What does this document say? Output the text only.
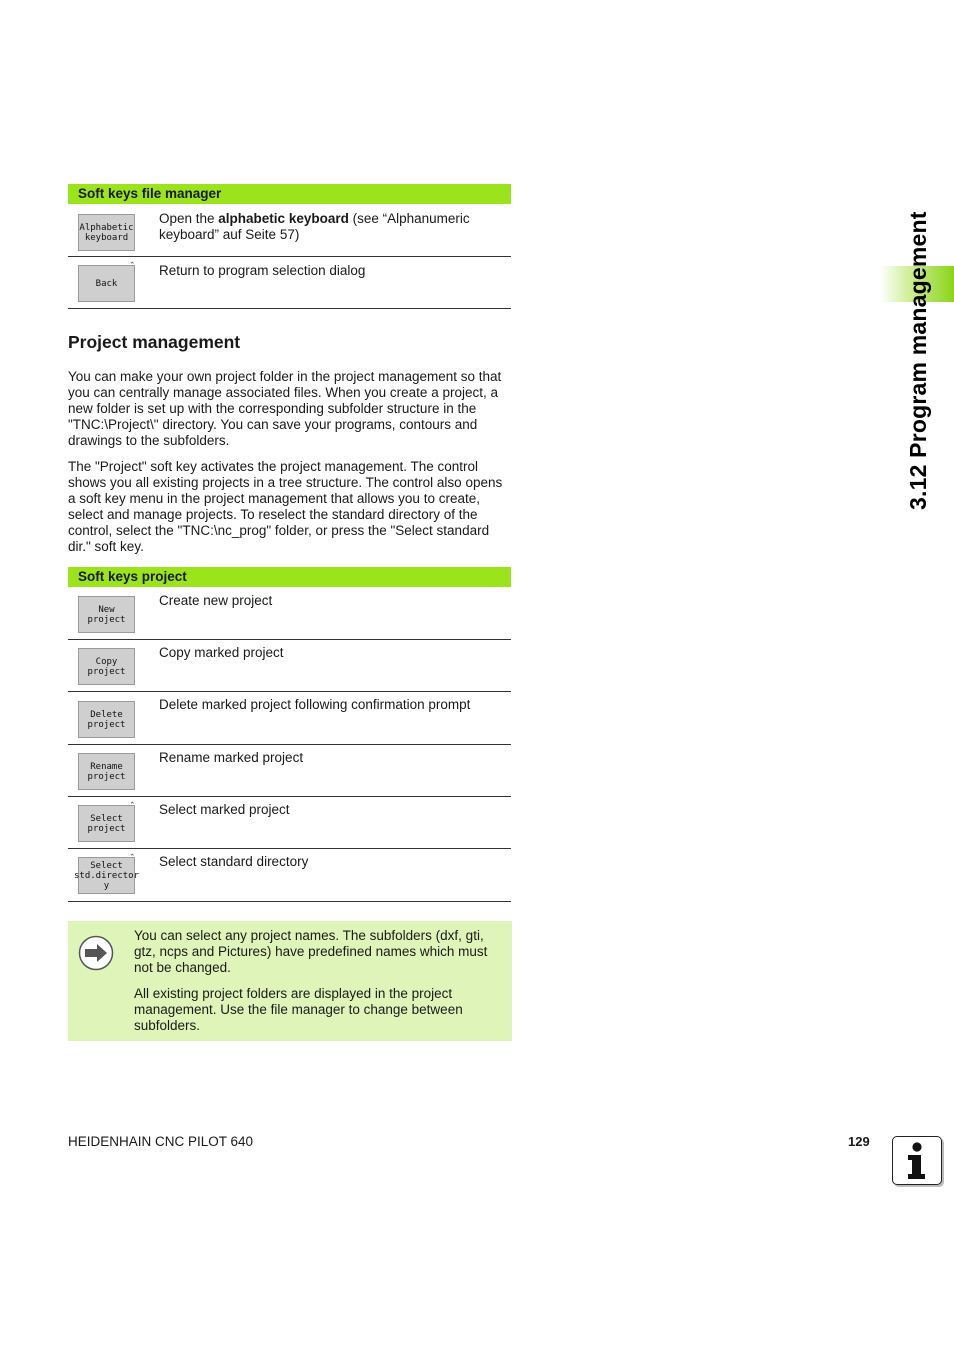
3.12 Program management
Soft keys file manager
Alphabetic
keyboard
Open the alphabetic keyboard (see “Alphanumeric keyboard” auf Seite 57)
ˆ
Back
Return to program selection dialog
Project management

You can make your own project folder in the project management so that you can centrally manage associated files. When you create a project, a new folder is set up with the corresponding subfolder structure in the "TNC:\Project\" directory. You can save your programs, contours and drawings to the subfolders.

The "Project" soft key activates the project management. The control shows you all existing projects in a tree structure. The control also opens a soft key menu in the project management that allows you to create, select and manage projects. To reselect the standard directory of the control, select the "TNC:\nc_prog" folder, or press the "Select standard dir." soft key.

Soft keys project
New
project
Create new project
Copy
project
Copy marked project
Delete
project
Delete marked project following confirmation prompt
Rename
project
Rename marked project
ˆ
Select
project
Select marked project
ˆ
Select
std.director
y
Select standard directory

You can select any project names. The subfolders (dxf, gti, gtz, ncps and Pictures) have predefined names which must not be changed.

All existing project folders are displayed in the project management. Use the file manager to change between subfolders.

HEIDENHAIN CNC PILOT 640	129
